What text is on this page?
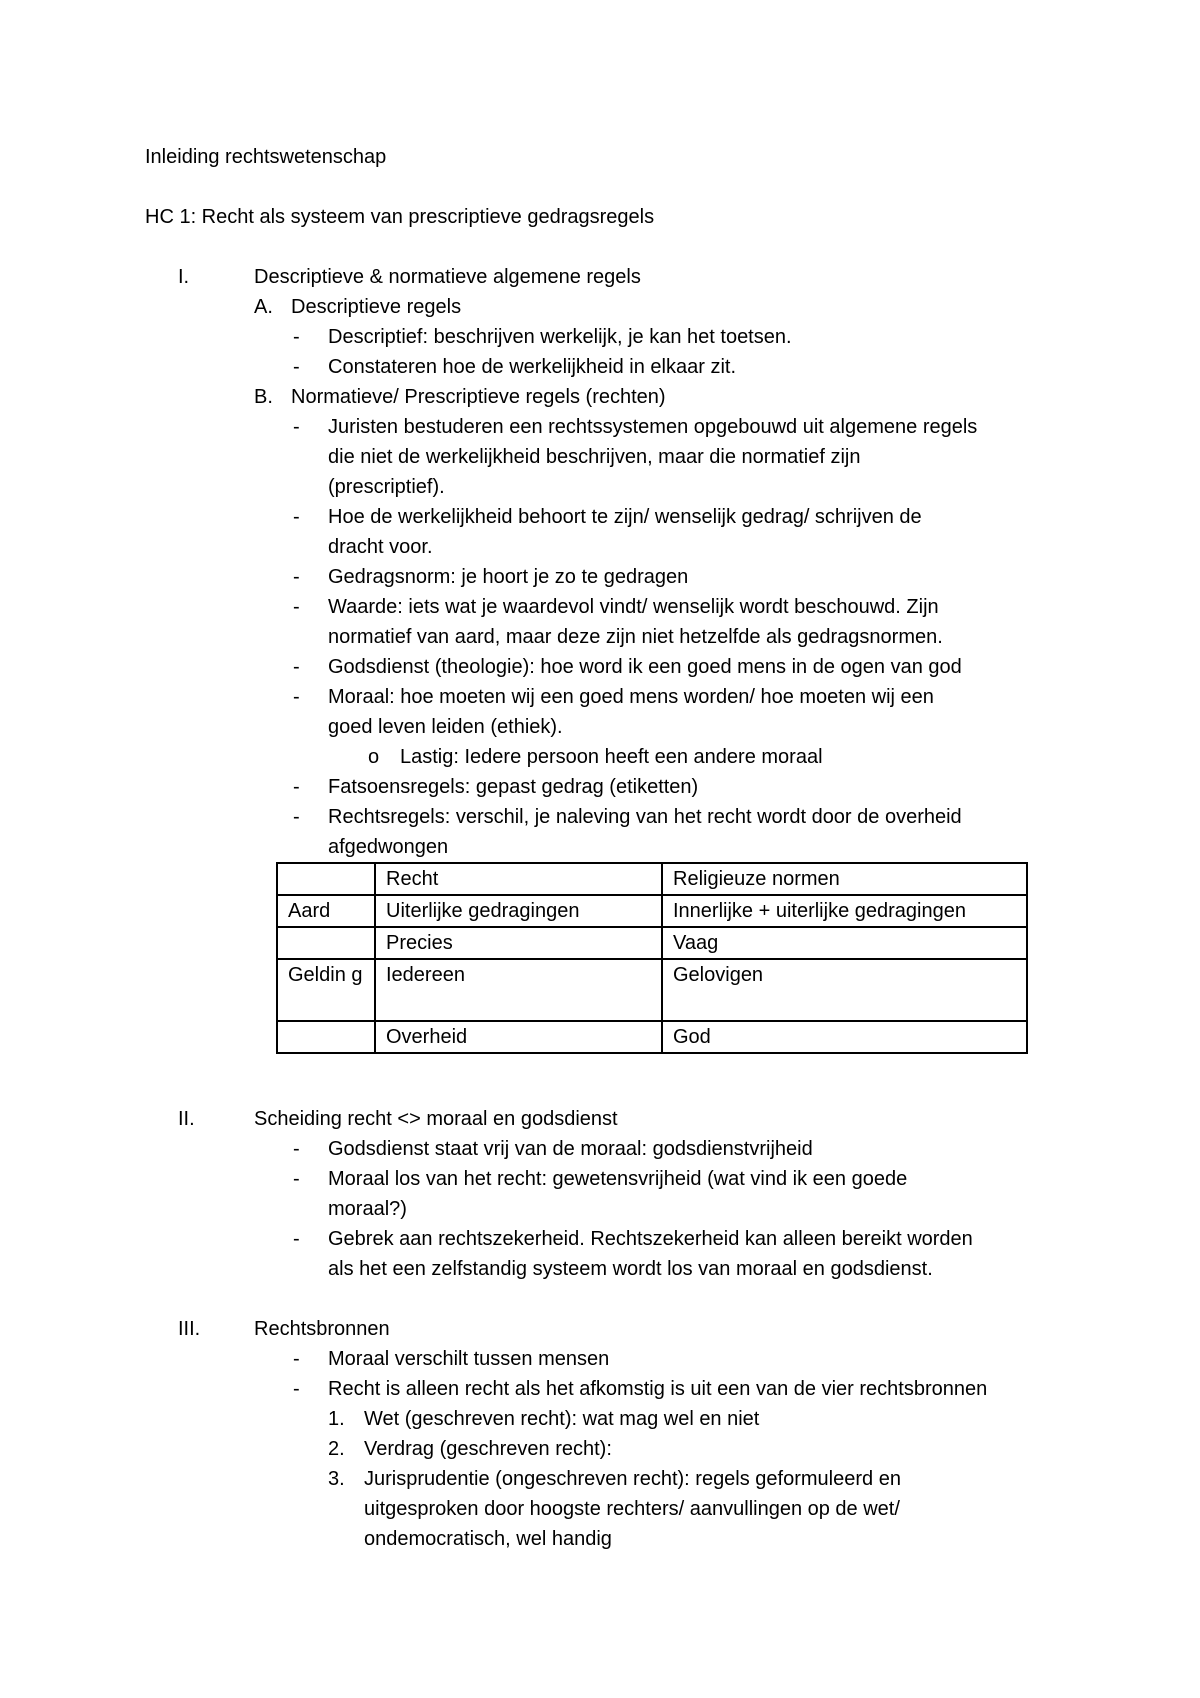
Inleiding rechtswetenschap
HC 1: Recht als systeem van prescriptieve gedragsregels
I.	Descriptieve & normatieve algemene regels
A. Descriptieve regels
- Descriptief: beschrijven werkelijk, je kan het toetsen.
- Constateren hoe de werkelijkheid in elkaar zit.
B. Normatieve/ Prescriptieve regels (rechten)
- Juristen bestuderen een rechtssystemen opgebouwd uit algemene regels
die niet de werkelijkheid beschrijven, maar die normatief zijn
(prescriptief).
- Hoe de werkelijkheid behoort te zijn/ wenselijk gedrag/ schrijven de
dracht voor.
- Gedragsnorm: je hoort je zo te gedragen
- Waarde: iets wat je waardevol vindt/ wenselijk wordt beschouwd. Zijn
normatief van aard, maar deze zijn niet hetzelfde als gedragsnormen.
- Godsdienst (theologie): hoe word ik een goed mens in de ogen van god
- Moraal: hoe moeten wij een goed mens worden/ hoe moeten wij een
goed leven leiden (ethiek).
o Lastig: Iedere persoon heeft een andere moraal
- Fatsoensregels: gepast gedrag (etiketten)
- Rechtsregels: verschil, je naleving van het recht wordt door de overheid
afgedwongen
	Recht	Religieuze normen
Aard	Uiterlijke gedragingen	Innerlijke + uiterlijke gedragingen
	Precies	Vaag
Geldin g	Iedereen	Gelovigen
	Overheid	God
II.	Scheiding recht <> moraal en godsdienst
- Godsdienst staat vrij van de moraal: godsdienstvrijheid
- Moraal los van het recht: gewetensvrijheid (wat vind ik een goede
moraal?)
- Gebrek aan rechtszekerheid. Rechtszekerheid kan alleen bereikt worden
als het een zelfstandig systeem wordt los van moraal en godsdienst.
III.	Rechtsbronnen
- Moraal verschilt tussen mensen
- Recht is alleen recht als het afkomstig is uit een van de vier rechtsbronnen
1. Wet (geschreven recht): wat mag wel en niet
2. Verdrag (geschreven recht):
3. Jurisprudentie (ongeschreven recht): regels geformuleerd en
uitgesproken door hoogste rechters/ aanvullingen op de wet/
ondemocratisch, wel handig
